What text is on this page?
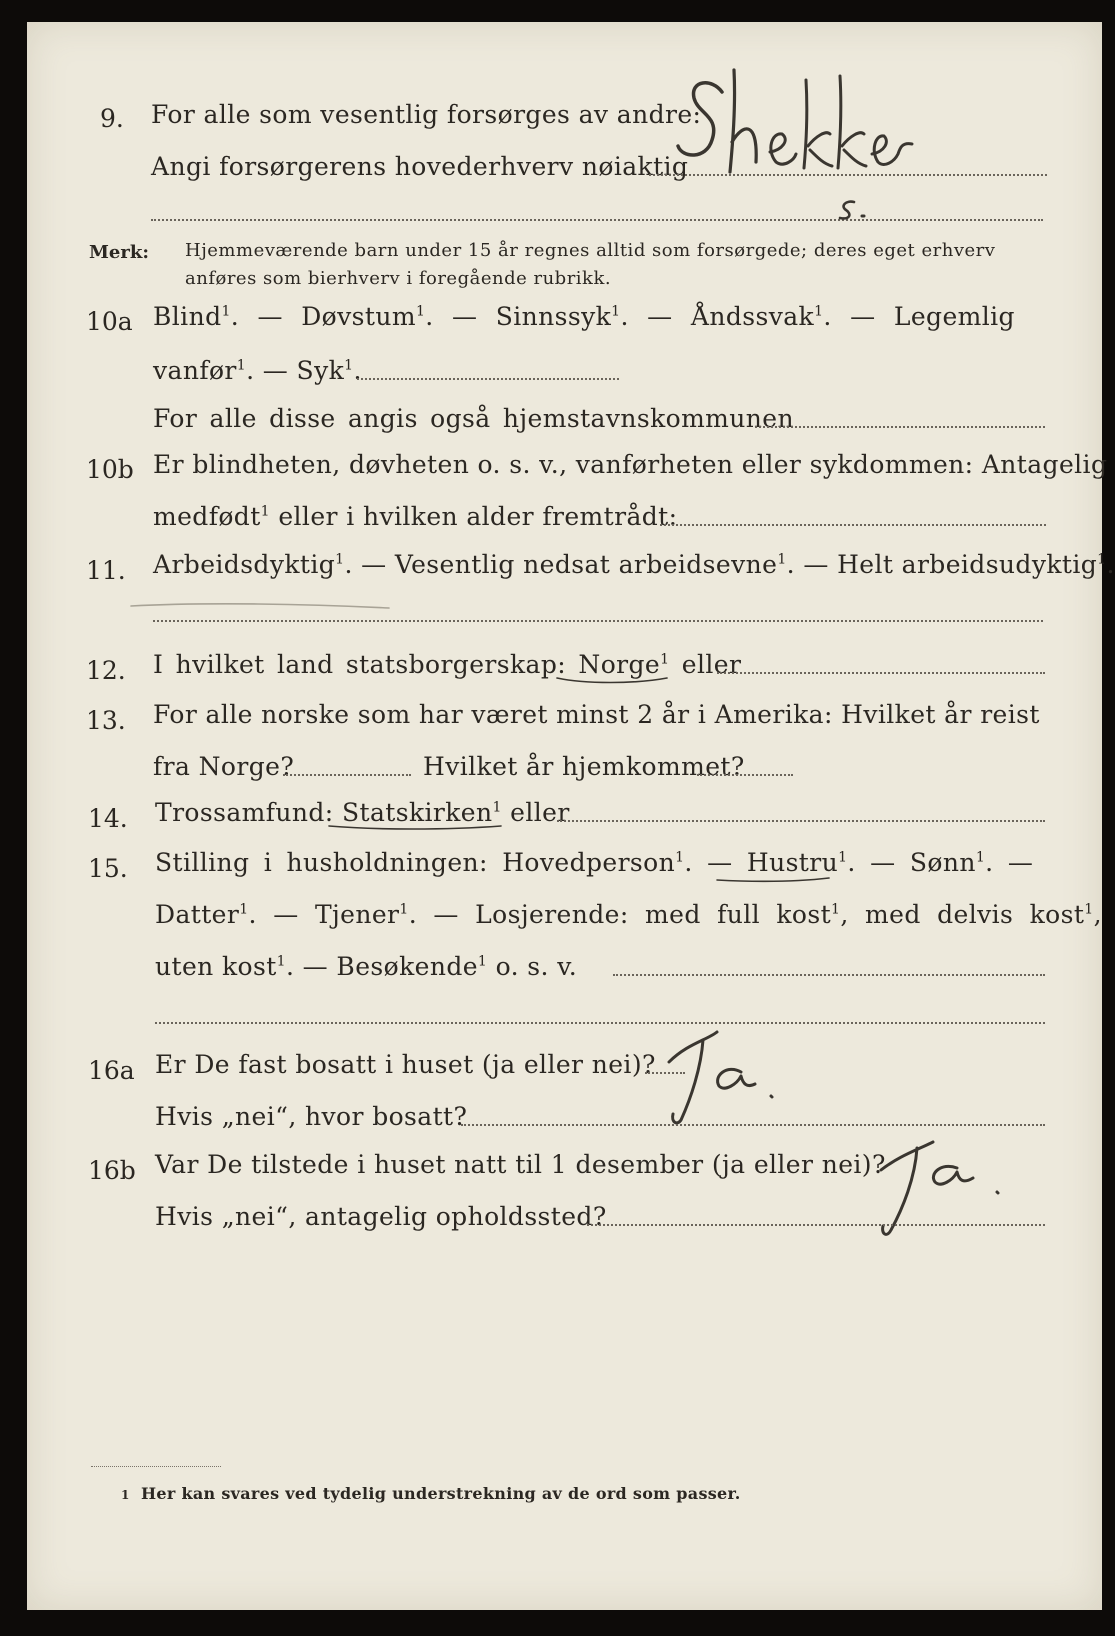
9. For alle som vesentlig forsørges av andre:
Angi forsørgerens hovederhverv nøiaktig
Merk: Hjemmeværende barn under 15 år regnes alltid som forsørgede; deres eget erhverv
anføres som bierhverv i foregående rubrikk.
10a Blind$^1$. — Døvstum$^1$. — Sinnssyk$^1$. — Åndssvak$^1$. — Legemlig
vanfør$^1$. — Syk$^1$.
For alle disse angis også hjemstavnskommunen
10b Er blindheten, døvheten o. s. v., vanførheten eller sykdommen: Antagelig
medfødt$^1$ eller i hvilken alder fremtrådt:
11. Arbeidsdyktig$^1$. — Vesentlig nedsat arbeidsevne$^1$. — Helt arbeidsudyktig$^1$.
12. I hvilket land statsborgerskap: Norge$^1$ eller
13. For alle norske som har været minst 2 år i Amerika: Hvilket år reist
fra Norge?	Hvilket år hjemkommet?
14. Trossamfund: Statskirken$^1$ eller
15. Stilling i husholdningen: Hovedperson$^1$. — Hustru$^1$. — Sønn$^1$. —
Datter$^1$. — Tjener$^1$. — Losjerende: med full kost$^1$, med delvis kost$^1$,
uten kost$^1$. — Besøkende$^1$ o. s. v.
16a Er De fast bosatt i huset (ja eller nei)?
Hvis „nei“, hvor bosatt?
16b Var De tilstede i huset natt til 1 desember (ja eller nei)?
Hvis „nei“, antagelig opholdssted?
1 Her kan svares ved tydelig understrekning av de ord som passer.
